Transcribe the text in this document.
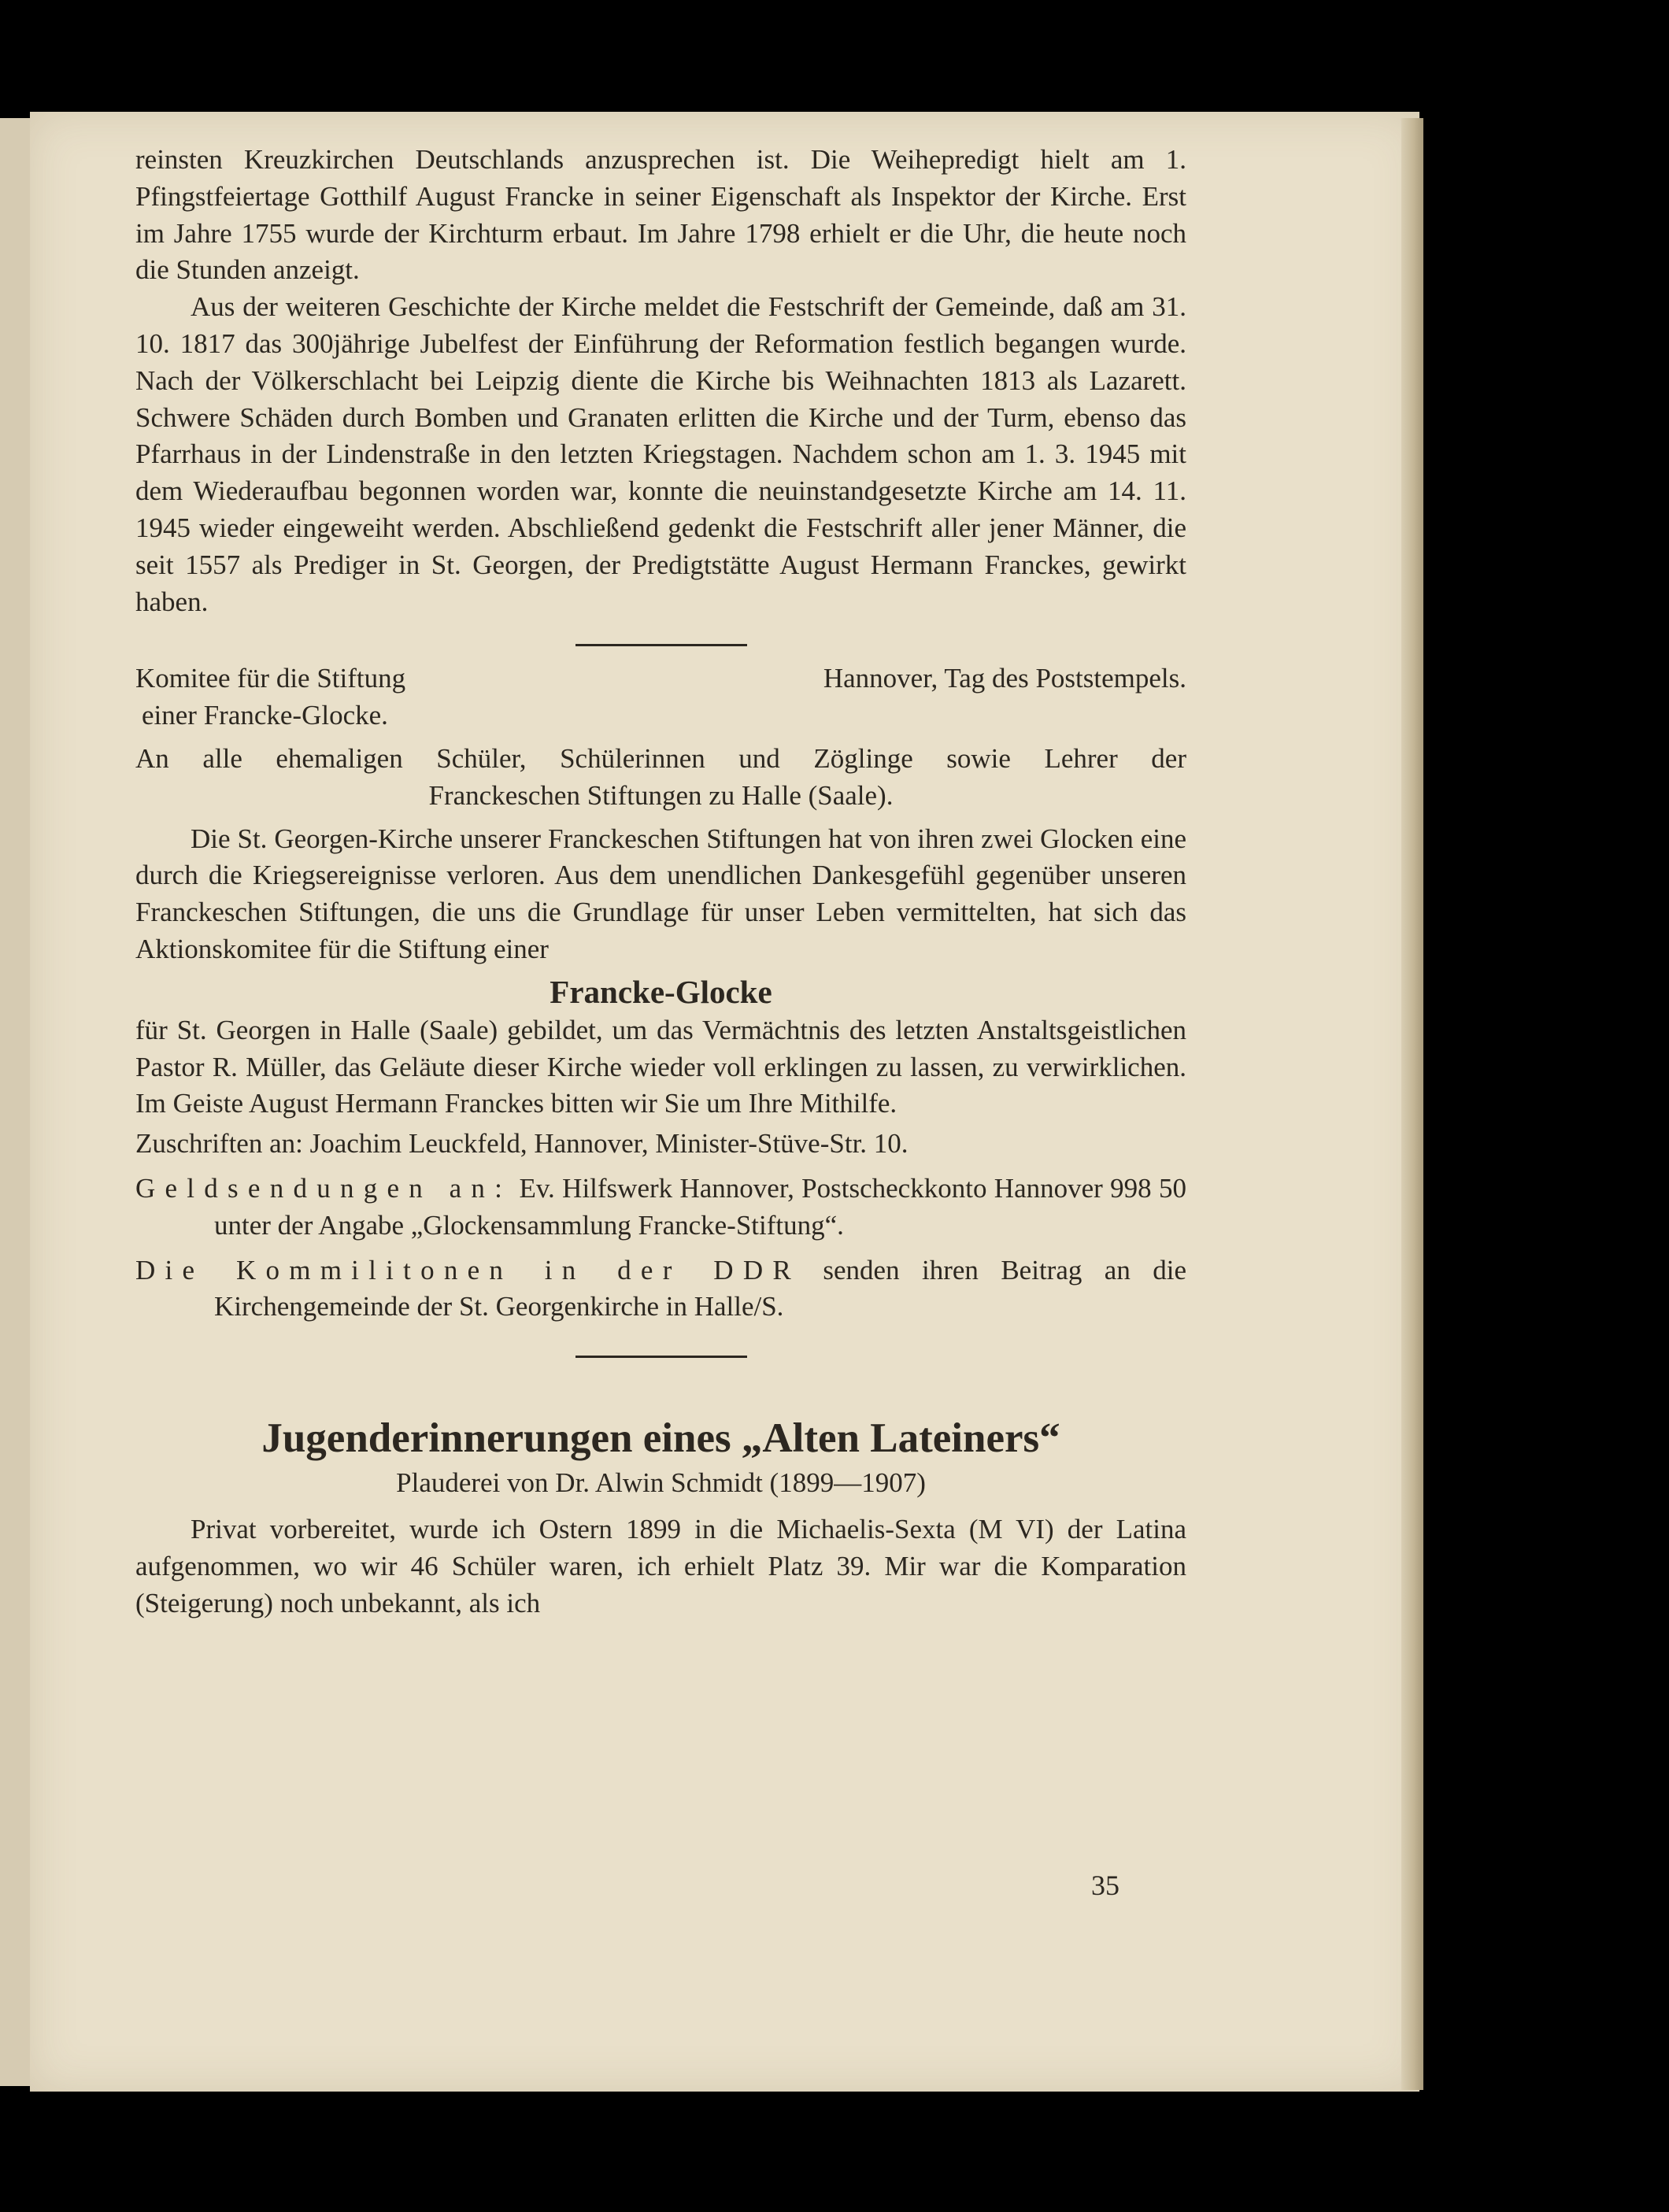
reinsten Kreuzkirchen Deutschlands anzusprechen ist. Die Weihepredigt hielt am 1. Pfingstfeiertage Gotthilf August Francke in seiner Eigenschaft als Inspektor der Kirche. Erst im Jahre 1755 wurde der Kirchturm erbaut. Im Jahre 1798 erhielt er die Uhr, die heute noch die Stunden anzeigt.

Aus der weiteren Geschichte der Kirche meldet die Festschrift der Gemeinde, daß am 31. 10. 1817 das 300jährige Jubelfest der Einführung der Reformation festlich begangen wurde. Nach der Völkerschlacht bei Leipzig diente die Kirche bis Weihnachten 1813 als Lazarett. Schwere Schäden durch Bomben und Granaten erlitten die Kirche und der Turm, ebenso das Pfarrhaus in der Lindenstraße in den letzten Kriegstagen. Nachdem schon am 1. 3. 1945 mit dem Wiederaufbau begonnen worden war, konnte die neuinstandgesetzte Kirche am 14. 11. 1945 wieder eingeweiht werden. Abschließend gedenkt die Festschrift aller jener Männer, die seit 1557 als Prediger in St. Georgen, der Predigtstätte August Hermann Franckes, gewirkt haben.

Komitee für die Stiftung
einer Francke-Glocke.
Hannover, Tag des Poststempels.
An alle ehemaligen Schüler, Schülerinnen und Zöglinge sowie Lehrer der
Franckeschen Stiftungen zu Halle (Saale).

Die St. Georgen-Kirche unserer Franckeschen Stiftungen hat von ihren zwei Glocken eine durch die Kriegsereignisse verloren. Aus dem unendlichen Dankesgefühl gegenüber unseren Franckeschen Stiftungen, die uns die Grundlage für unser Leben vermittelten, hat sich das Aktionskomitee für die Stiftung einer

Francke-Glocke

für St. Georgen in Halle (Saale) gebildet, um das Vermächtnis des letzten Anstaltsgeistlichen Pastor R. Müller, das Geläute dieser Kirche wieder voll erklingen zu lassen, zu verwirklichen. Im Geiste August Hermann Franckes bitten wir Sie um Ihre Mithilfe.

Zuschriften an: Joachim Leuckfeld, Hannover, Minister-Stüve-Str. 10.

Geldsendungen an: Ev. Hilfswerk Hannover, Postscheckkonto Hannover 998 50 unter der Angabe „Glockensammlung Francke-Stiftung“.

Die Kommilitonen in der DDR senden ihren Beitrag an die Kirchengemeinde der St. Georgenkirche in Halle/S.

Jugenderinnerungen eines „Alten Lateiners“
Plauderei von Dr. Alwin Schmidt (1899—1907)

Privat vorbereitet, wurde ich Ostern 1899 in die Michaelis-Sexta (M VI) der Latina aufgenommen, wo wir 46 Schüler waren, ich erhielt Platz 39. Mir war die Komparation (Steigerung) noch unbekannt, als ich

35
